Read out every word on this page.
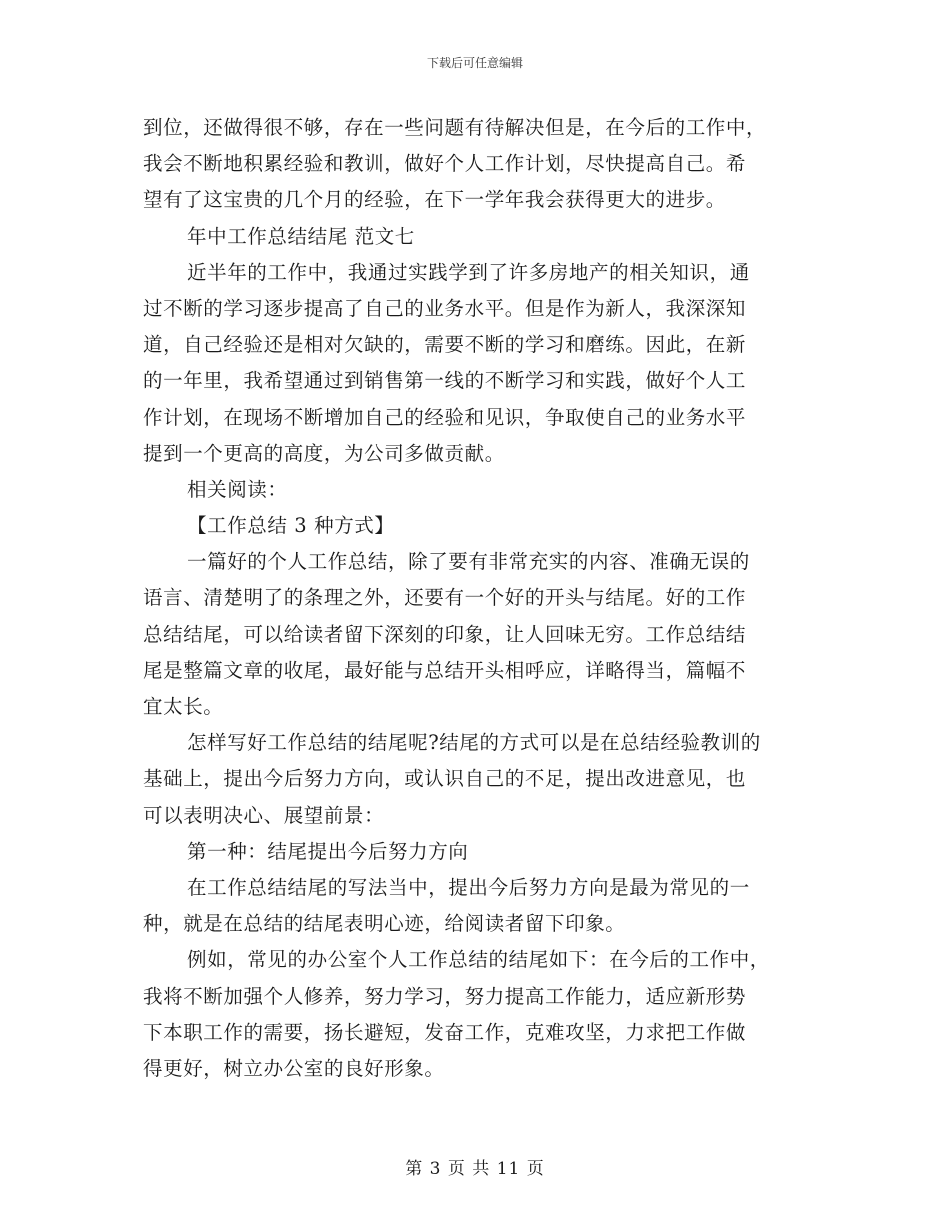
下载后可任意编辑
到位，还做得很不够，存在一些问题有待解决但是，在今后的工作中，
我会不断地积累经验和教训，做好个人工作计划，尽快提高自己。希
望有了这宝贵的几个月的经验，在下一学年我会获得更大的进步。
年中工作总结结尾 范文七
近半年的工作中，我通过实践学到了许多房地产的相关知识，通
过不断的学习逐步提高了自己的业务水平。但是作为新人，我深深知
道，自己经验还是相对欠缺的，需要不断的学习和磨练。因此，在新
的一年里，我希望通过到销售第一线的不断学习和实践，做好个人工
作计划，在现场不断增加自己的经验和见识，争取使自己的业务水平
提到一个更高的高度，为公司多做贡献。
相关阅读：
【工作总结 3 种方式】
一篇好的个人工作总结，除了要有非常充实的内容、准确无误的
语言、清楚明了的条理之外，还要有一个好的开头与结尾。好的工作
总结结尾，可以给读者留下深刻的印象，让人回味无穷。工作总结结
尾是整篇文章的收尾，最好能与总结开头相呼应，详略得当，篇幅不
宜太长。
怎样写好工作总结的结尾呢?结尾的方式可以是在总结经验教训的
基础上，提出今后努力方向，或认识自己的不足，提出改进意见，也
可以表明决心、展望前景：
第一种：结尾提出今后努力方向
在工作总结结尾的写法当中，提出今后努力方向是最为常见的一
种，就是在总结的结尾表明心迹，给阅读者留下印象。
例如，常见的办公室个人工作总结的结尾如下：在今后的工作中，
我将不断加强个人修养，努力学习，努力提高工作能力，适应新形势
下本职工作的需要，扬长避短，发奋工作，克难攻坚，力求把工作做
得更好，树立办公室的良好形象。
第 3 页 共 11 页
